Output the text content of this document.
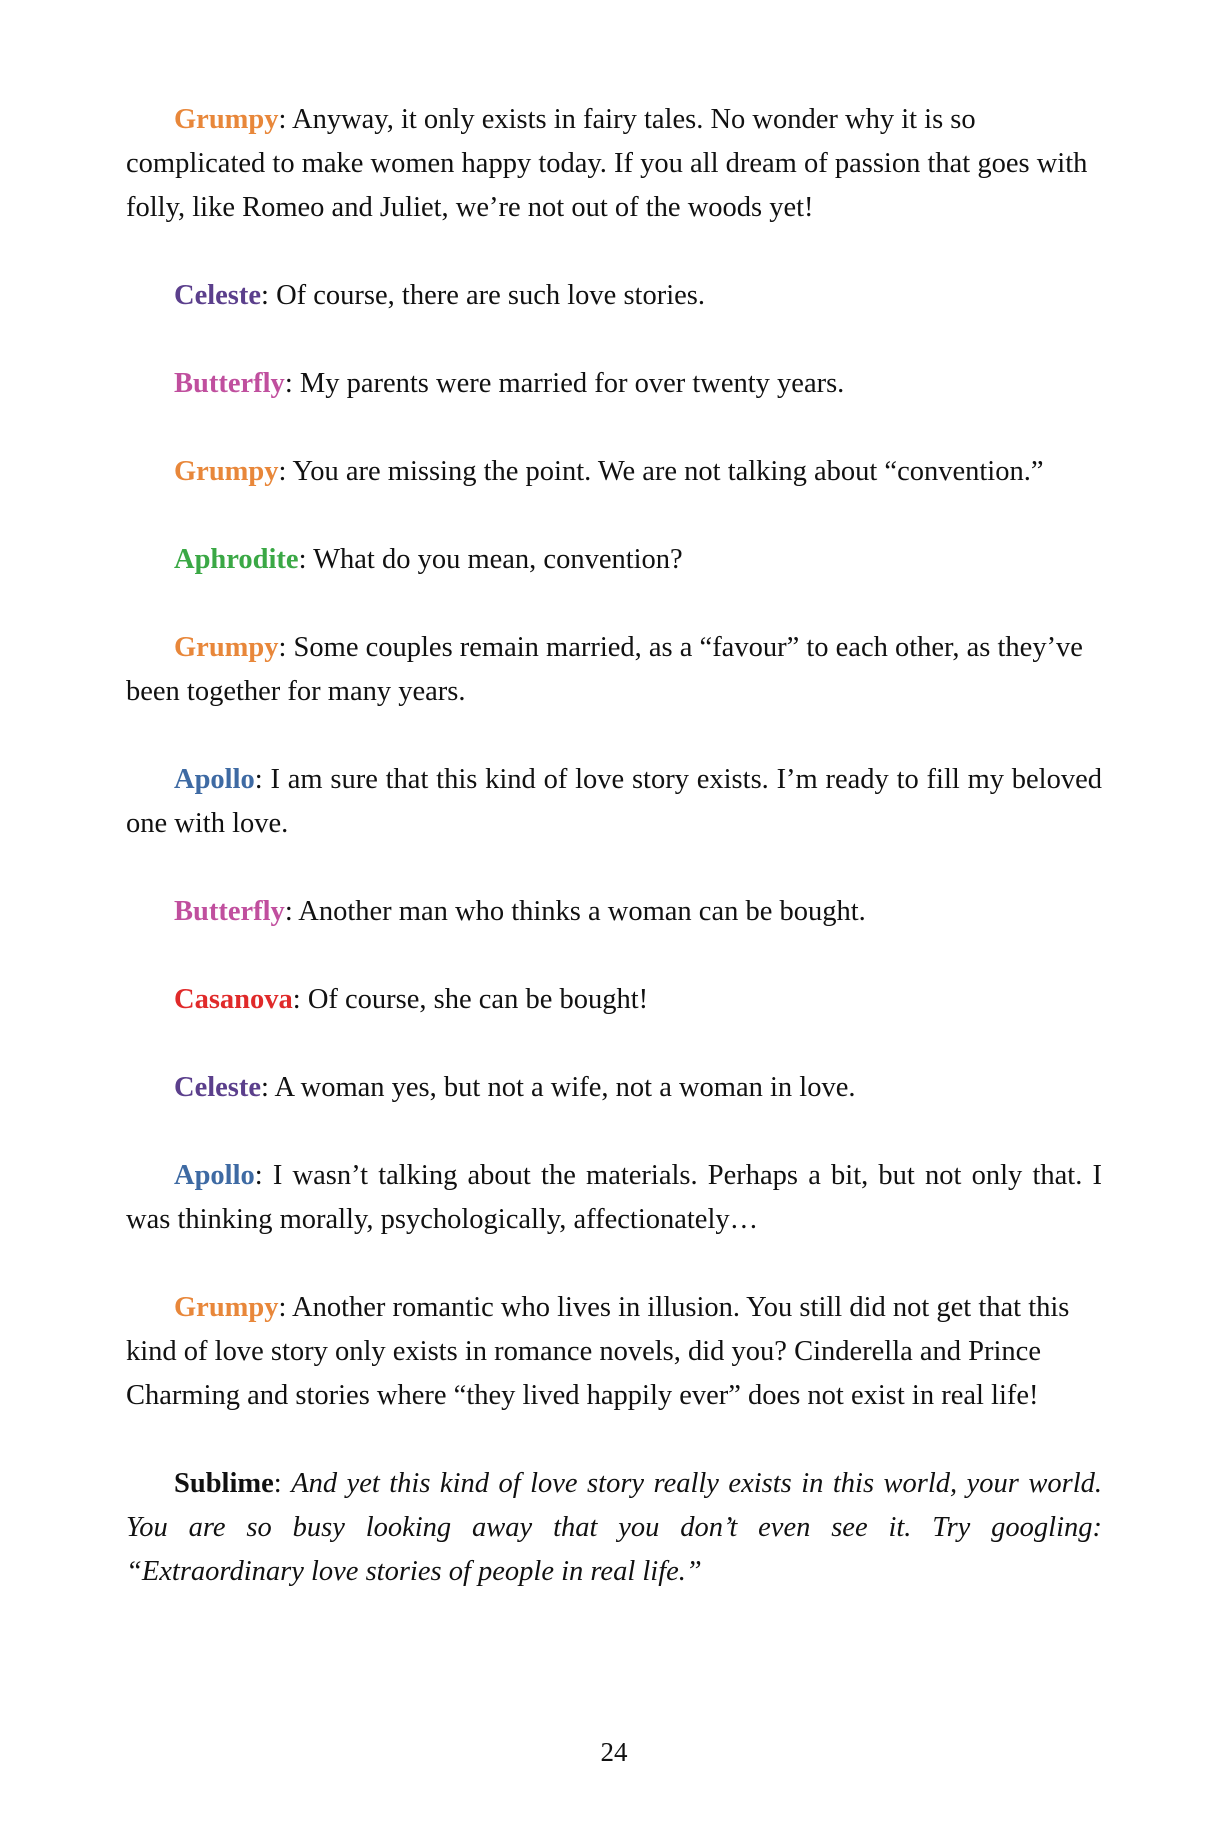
Grumpy: Anyway, it only exists in fairy tales. No wonder why it is so complicated to make women happy today. If you all dream of passion that goes with folly, like Romeo and Juliet, we’re not out of the woods yet!

Celeste: Of course, there are such love stories.

Butterfly: My parents were married for over twenty years.

Grumpy: You are missing the point. We are not talking about “convention.”

Aphrodite: What do you mean, convention?

Grumpy: Some couples remain married, as a “favour” to each other, as they’ve been together for many years.

Apollo: I am sure that this kind of love story exists. I’m ready to fill my beloved one with love.

Butterfly: Another man who thinks a woman can be bought.

Casanova: Of course, she can be bought!

Celeste: A woman yes, but not a wife, not a woman in love.

Apollo: I wasn’t talking about the materials. Perhaps a bit, but not only that. I was thinking morally, psychologically, affectionately…

Grumpy: Another romantic who lives in illusion. You still did not get that this kind of love story only exists in romance novels, did you? Cinderella and Prince Charming and stories where “they lived happily ever” does not exist in real life!

Sublime: And yet this kind of love story really exists in this world, your world. You are so busy looking away that you don’t even see it. Try googling: “Extraordinary love stories of people in real life.”

24
